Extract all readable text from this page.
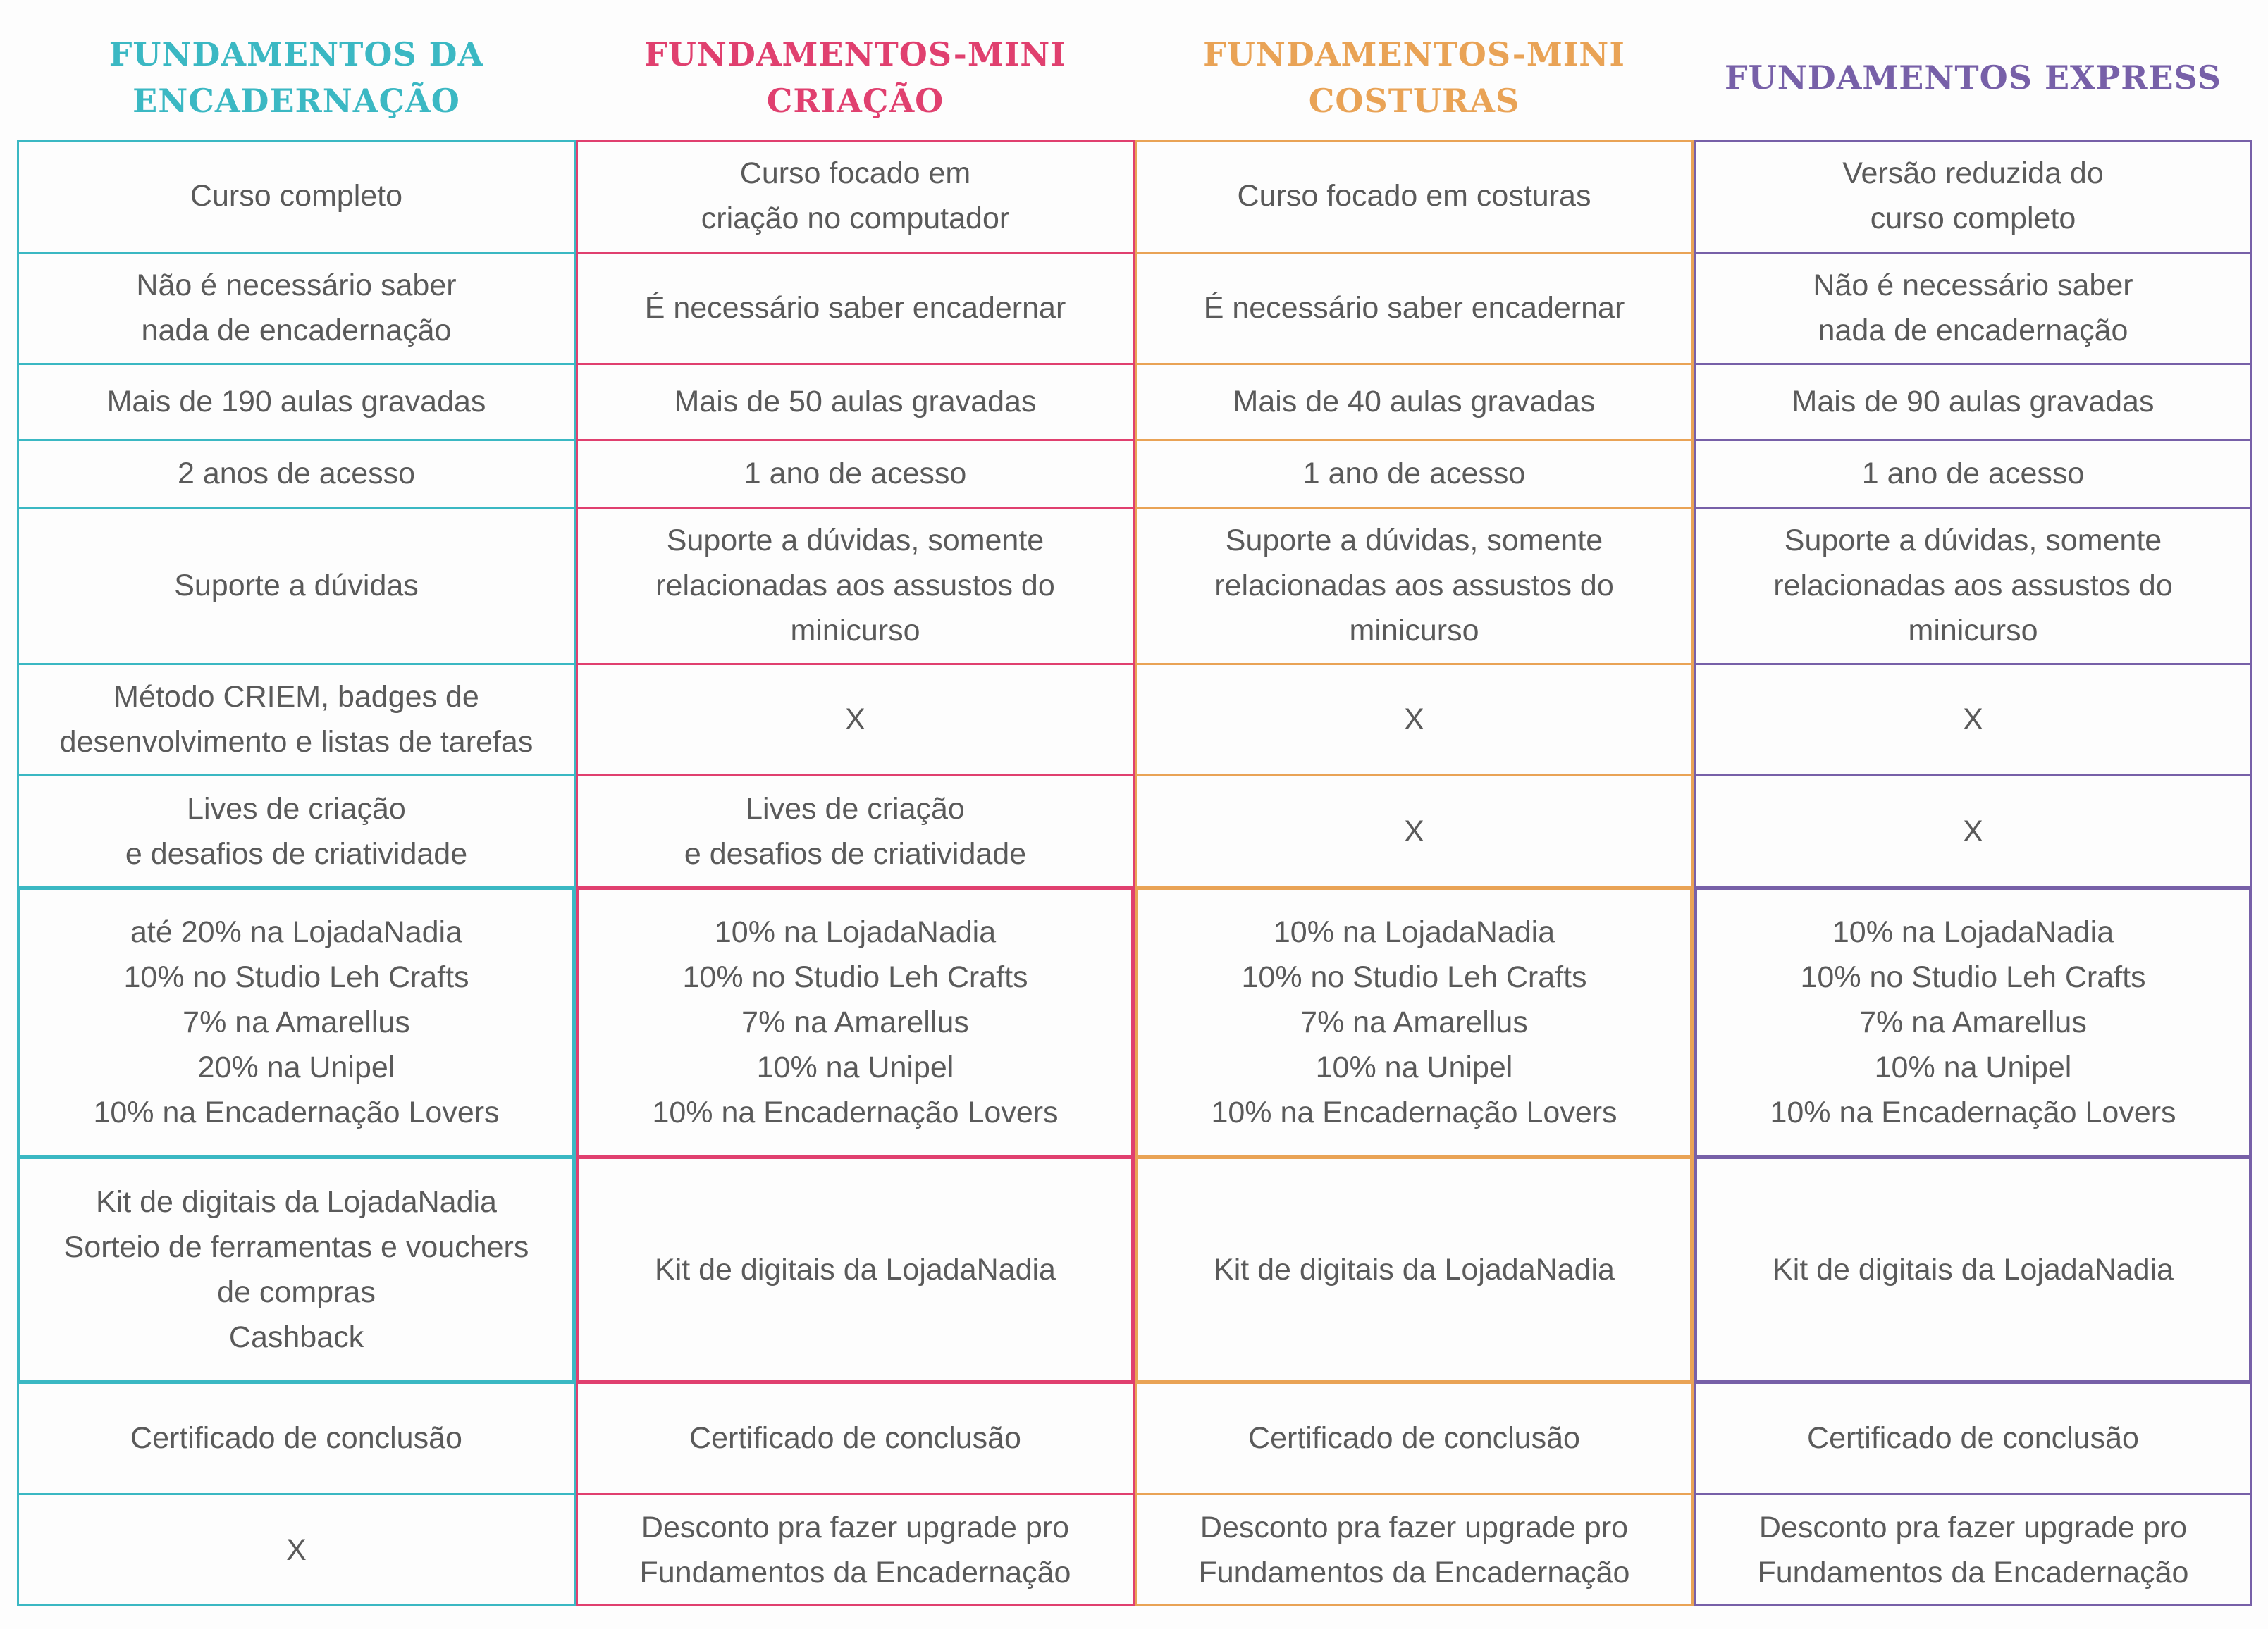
FUNDAMENTOS DA
ENCADERNAÇÃO
FUNDAMENTOS-MINI
CRIAÇÃO
FUNDAMENTOS-MINI
COSTURAS
FUNDAMENTOS EXPRESS
Curso completo
Não é necessário saber
nada de encadernação
Mais de 190 aulas gravadas
2 anos de acesso
Suporte a dúvidas
Método CRIEM, badges de
desenvolvimento e listas de tarefas
Lives de criação
e desafios de criatividade
até 20% na LojadaNadia
10% no Studio Leh Crafts
7% na Amarellus
20% na Unipel
10% na Encadernação Lovers
Kit de digitais da LojadaNadia
Sorteio de ferramentas e vouchers
de compras
Cashback
Certificado de conclusão
X
Curso focado em
criação no computador
É necessário saber encadernar
Mais de 50 aulas gravadas
1 ano de acesso
Suporte a dúvidas, somente
relacionadas aos assustos do
minicurso
X
Lives de criação
e desafios de criatividade
10% na LojadaNadia
10% no Studio Leh Crafts
7% na Amarellus
10% na Unipel
10% na Encadernação Lovers
Kit de digitais da LojadaNadia
Certificado de conclusão
Desconto pra fazer upgrade pro
Fundamentos da Encadernação
Curso focado em costuras
É necessário saber encadernar
Mais de 40 aulas gravadas
1 ano de acesso
Suporte a dúvidas, somente
relacionadas aos assustos do
minicurso
X
X
10% na LojadaNadia
10% no Studio Leh Crafts
7% na Amarellus
10% na Unipel
10% na Encadernação Lovers
Kit de digitais da LojadaNadia
Certificado de conclusão
Desconto pra fazer upgrade pro
Fundamentos da Encadernação
Versão reduzida do
curso completo
Não é necessário saber
nada de encadernação
Mais de 90 aulas gravadas
1 ano de acesso
Suporte a dúvidas, somente
relacionadas aos assustos do
minicurso
X
X
10% na LojadaNadia
10% no Studio Leh Crafts
7% na Amarellus
10% na Unipel
10% na Encadernação Lovers
Kit de digitais da LojadaNadia
Certificado de conclusão
Desconto pra fazer upgrade pro
Fundamentos da Encadernação
